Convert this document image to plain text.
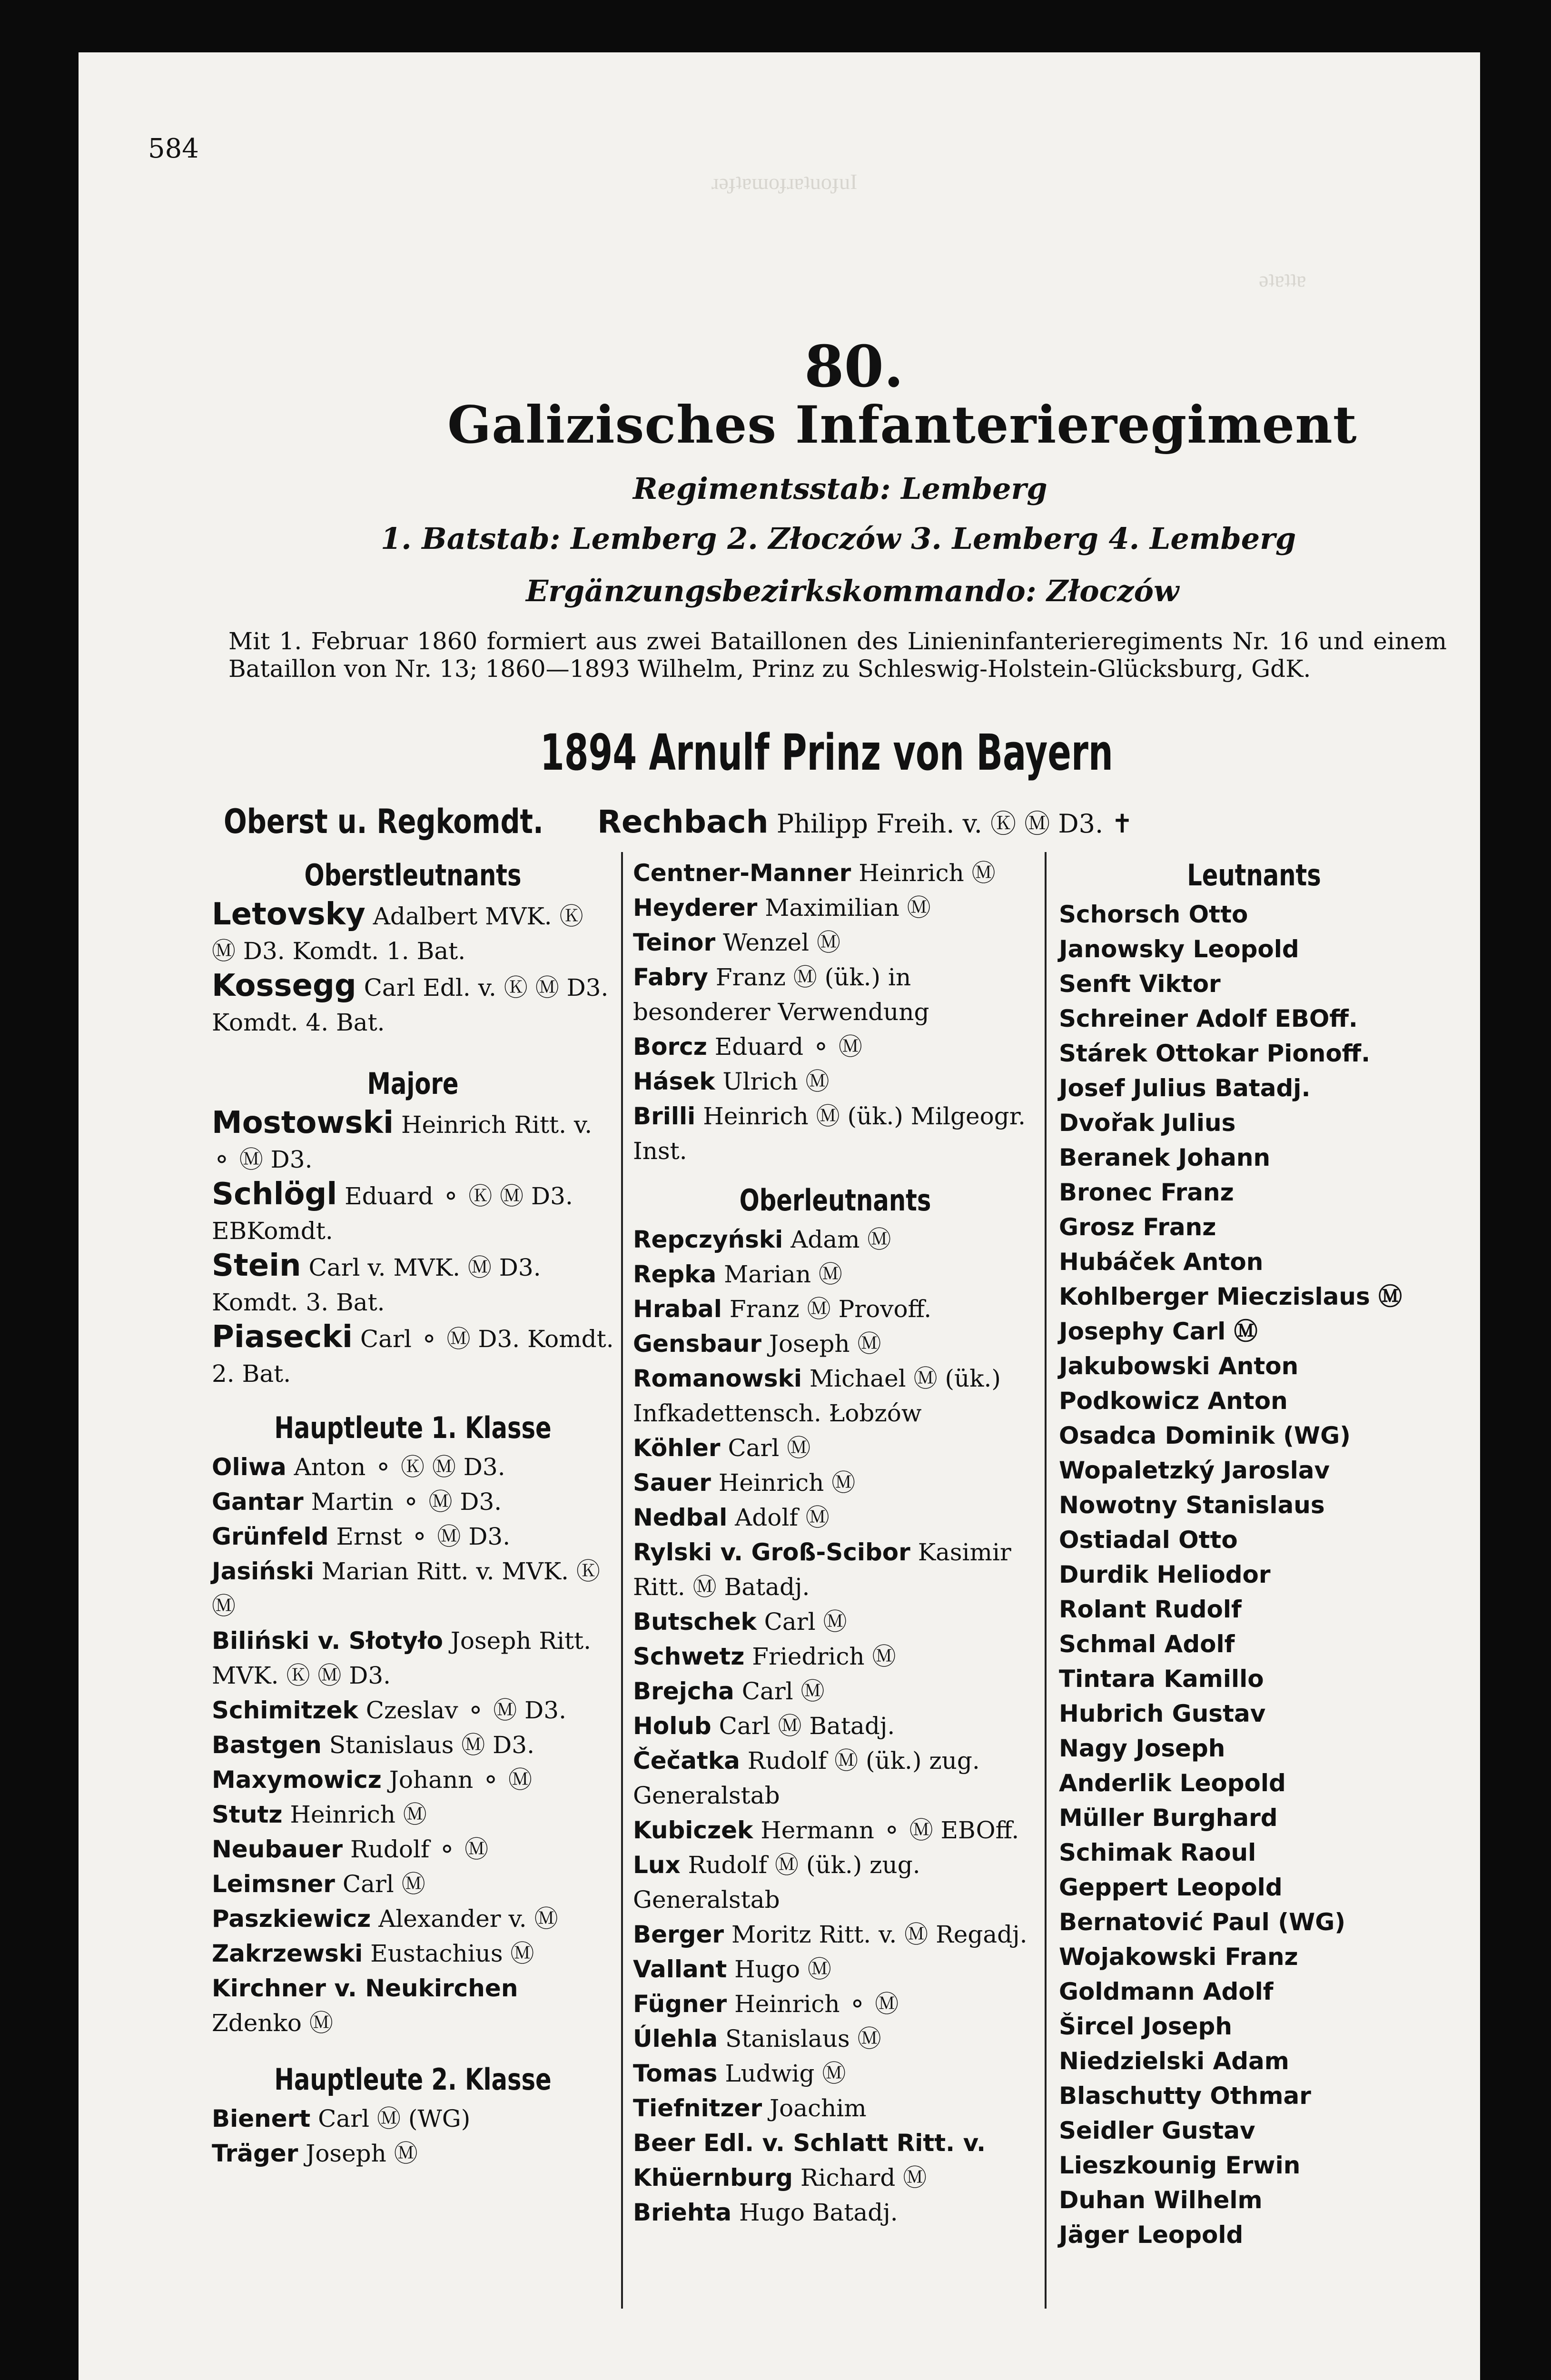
ɹǝɟʇɐɯoɟɹɐʇuoɟuI
ǝʇɐʇʇɐ
584
80.
Galizisches Infanterieregiment
Regimentsstab: Lemberg
1. Batstab: Lemberg 2. Złoczów 3. Lemberg 4. Lemberg
Ergänzungsbezirkskommando: Złoczów
Mit 1. Februar 1860 formiert aus zwei Bataillonen des Linieninfanterieregiments Nr. 16 und einem Bataillon von Nr. 13; 1860—1893 Wilhelm, Prinz zu Schleswig-Holstein-Glücksburg, GdK.
1894 Arnulf Prinz von Bayern
Oberst u. Regkomdt. Rechbach Philipp Freih. v. Ⓚ Ⓜ D3. ✝
Oberstleutnants
Letovsky Adalbert MVK. Ⓚ Ⓜ D3. Komdt. 1. Bat.
Kossegg Carl Edl. v. Ⓚ Ⓜ D3. Komdt. 4. Bat.
Majore
Mostowski Heinrich Ritt. v. ⚬ Ⓜ D3.
Schlögl Eduard ⚬ Ⓚ Ⓜ D3. EBKomdt.
Stein Carl v. MVK. Ⓜ D3. Komdt. 3. Bat.
Piasecki Carl ⚬ Ⓜ D3. Komdt. 2. Bat.
Hauptleute 1. Klasse
Oliwa Anton ⚬ Ⓚ Ⓜ D3.
Gantar Martin ⚬ Ⓜ D3.
Grünfeld Ernst ⚬ Ⓜ D3.
Jasiński Marian Ritt. v. MVK. Ⓚ Ⓜ
Biliński v. Słotyło Joseph Ritt. MVK. Ⓚ Ⓜ D3.
Schimitzek Czeslav ⚬ Ⓜ D3.
Bastgen Stanislaus Ⓜ D3.
Maxymowicz Johann ⚬ Ⓜ
Stutz Heinrich Ⓜ
Neubauer Rudolf ⚬ Ⓜ
Leimsner Carl Ⓜ
Paszkiewicz Alexander v. Ⓜ
Zakrzewski Eustachius Ⓜ
Kirchner v. Neukirchen Zdenko Ⓜ
Hauptleute 2. Klasse
Bienert Carl Ⓜ (WG)
Träger Joseph Ⓜ
Centner-Manner Heinrich Ⓜ
Heyderer Maximilian Ⓜ
Teinor Wenzel Ⓜ
Fabry Franz Ⓜ (ük.) in besonderer Verwendung
Borcz Eduard ⚬ Ⓜ
Hásek Ulrich Ⓜ
Brilli Heinrich Ⓜ (ük.) Milgeogr. Inst.
Oberleutnants
Repczyński Adam Ⓜ
Repka Marian Ⓜ
Hrabal Franz Ⓜ Provoff.
Gensbaur Joseph Ⓜ
Romanowski Michael Ⓜ (ük.) Infkadettensch. Łobzów
Köhler Carl Ⓜ
Sauer Heinrich Ⓜ
Nedbal Adolf Ⓜ
Rylski v. Groß-Scibor Kasimir Ritt. Ⓜ Batadj.
Butschek Carl Ⓜ
Schwetz Friedrich Ⓜ
Brejcha Carl Ⓜ
Holub Carl Ⓜ Batadj.
Čečatka Rudolf Ⓜ (ük.) zug. Generalstab
Kubiczek Hermann ⚬ Ⓜ EBOff.
Lux Rudolf Ⓜ (ük.) zug. Generalstab
Berger Moritz Ritt. v. Ⓜ Regadj.
Vallant Hugo Ⓜ
Fügner Heinrich ⚬ Ⓜ
Úlehla Stanislaus Ⓜ
Tomas Ludwig Ⓜ
Tiefnitzer Joachim
Beer Edl. v. Schlatt Ritt. v. Khüernburg Richard Ⓜ
Briehta Hugo Batadj.
Leutnants
Schorsch Otto
Janowsky Leopold
Senft Viktor
Schreiner Adolf EBOff.
Stárek Ottokar Pionoff.
Josef Julius Batadj.
Dvořak Julius
Beranek Johann
Bronec Franz
Grosz Franz
Hubáček Anton
Kohlberger Mieczislaus Ⓜ
Josephy Carl Ⓜ
Jakubowski Anton
Podkowicz Anton
Osadca Dominik (WG)
Wopaletzký Jaroslav
Nowotny Stanislaus
Ostiadal Otto
Durdik Heliodor
Rolant Rudolf
Schmal Adolf
Tintara Kamillo
Hubrich Gustav
Nagy Joseph
Anderlik Leopold
Müller Burghard
Schimak Raoul
Geppert Leopold
Bernatović Paul (WG)
Wojakowski Franz
Goldmann Adolf
Šircel Joseph
Niedzielski Adam
Blaschutty Othmar
Seidler Gustav
Lieszkounig Erwin
Duhan Wilhelm
Jäger Leopold
